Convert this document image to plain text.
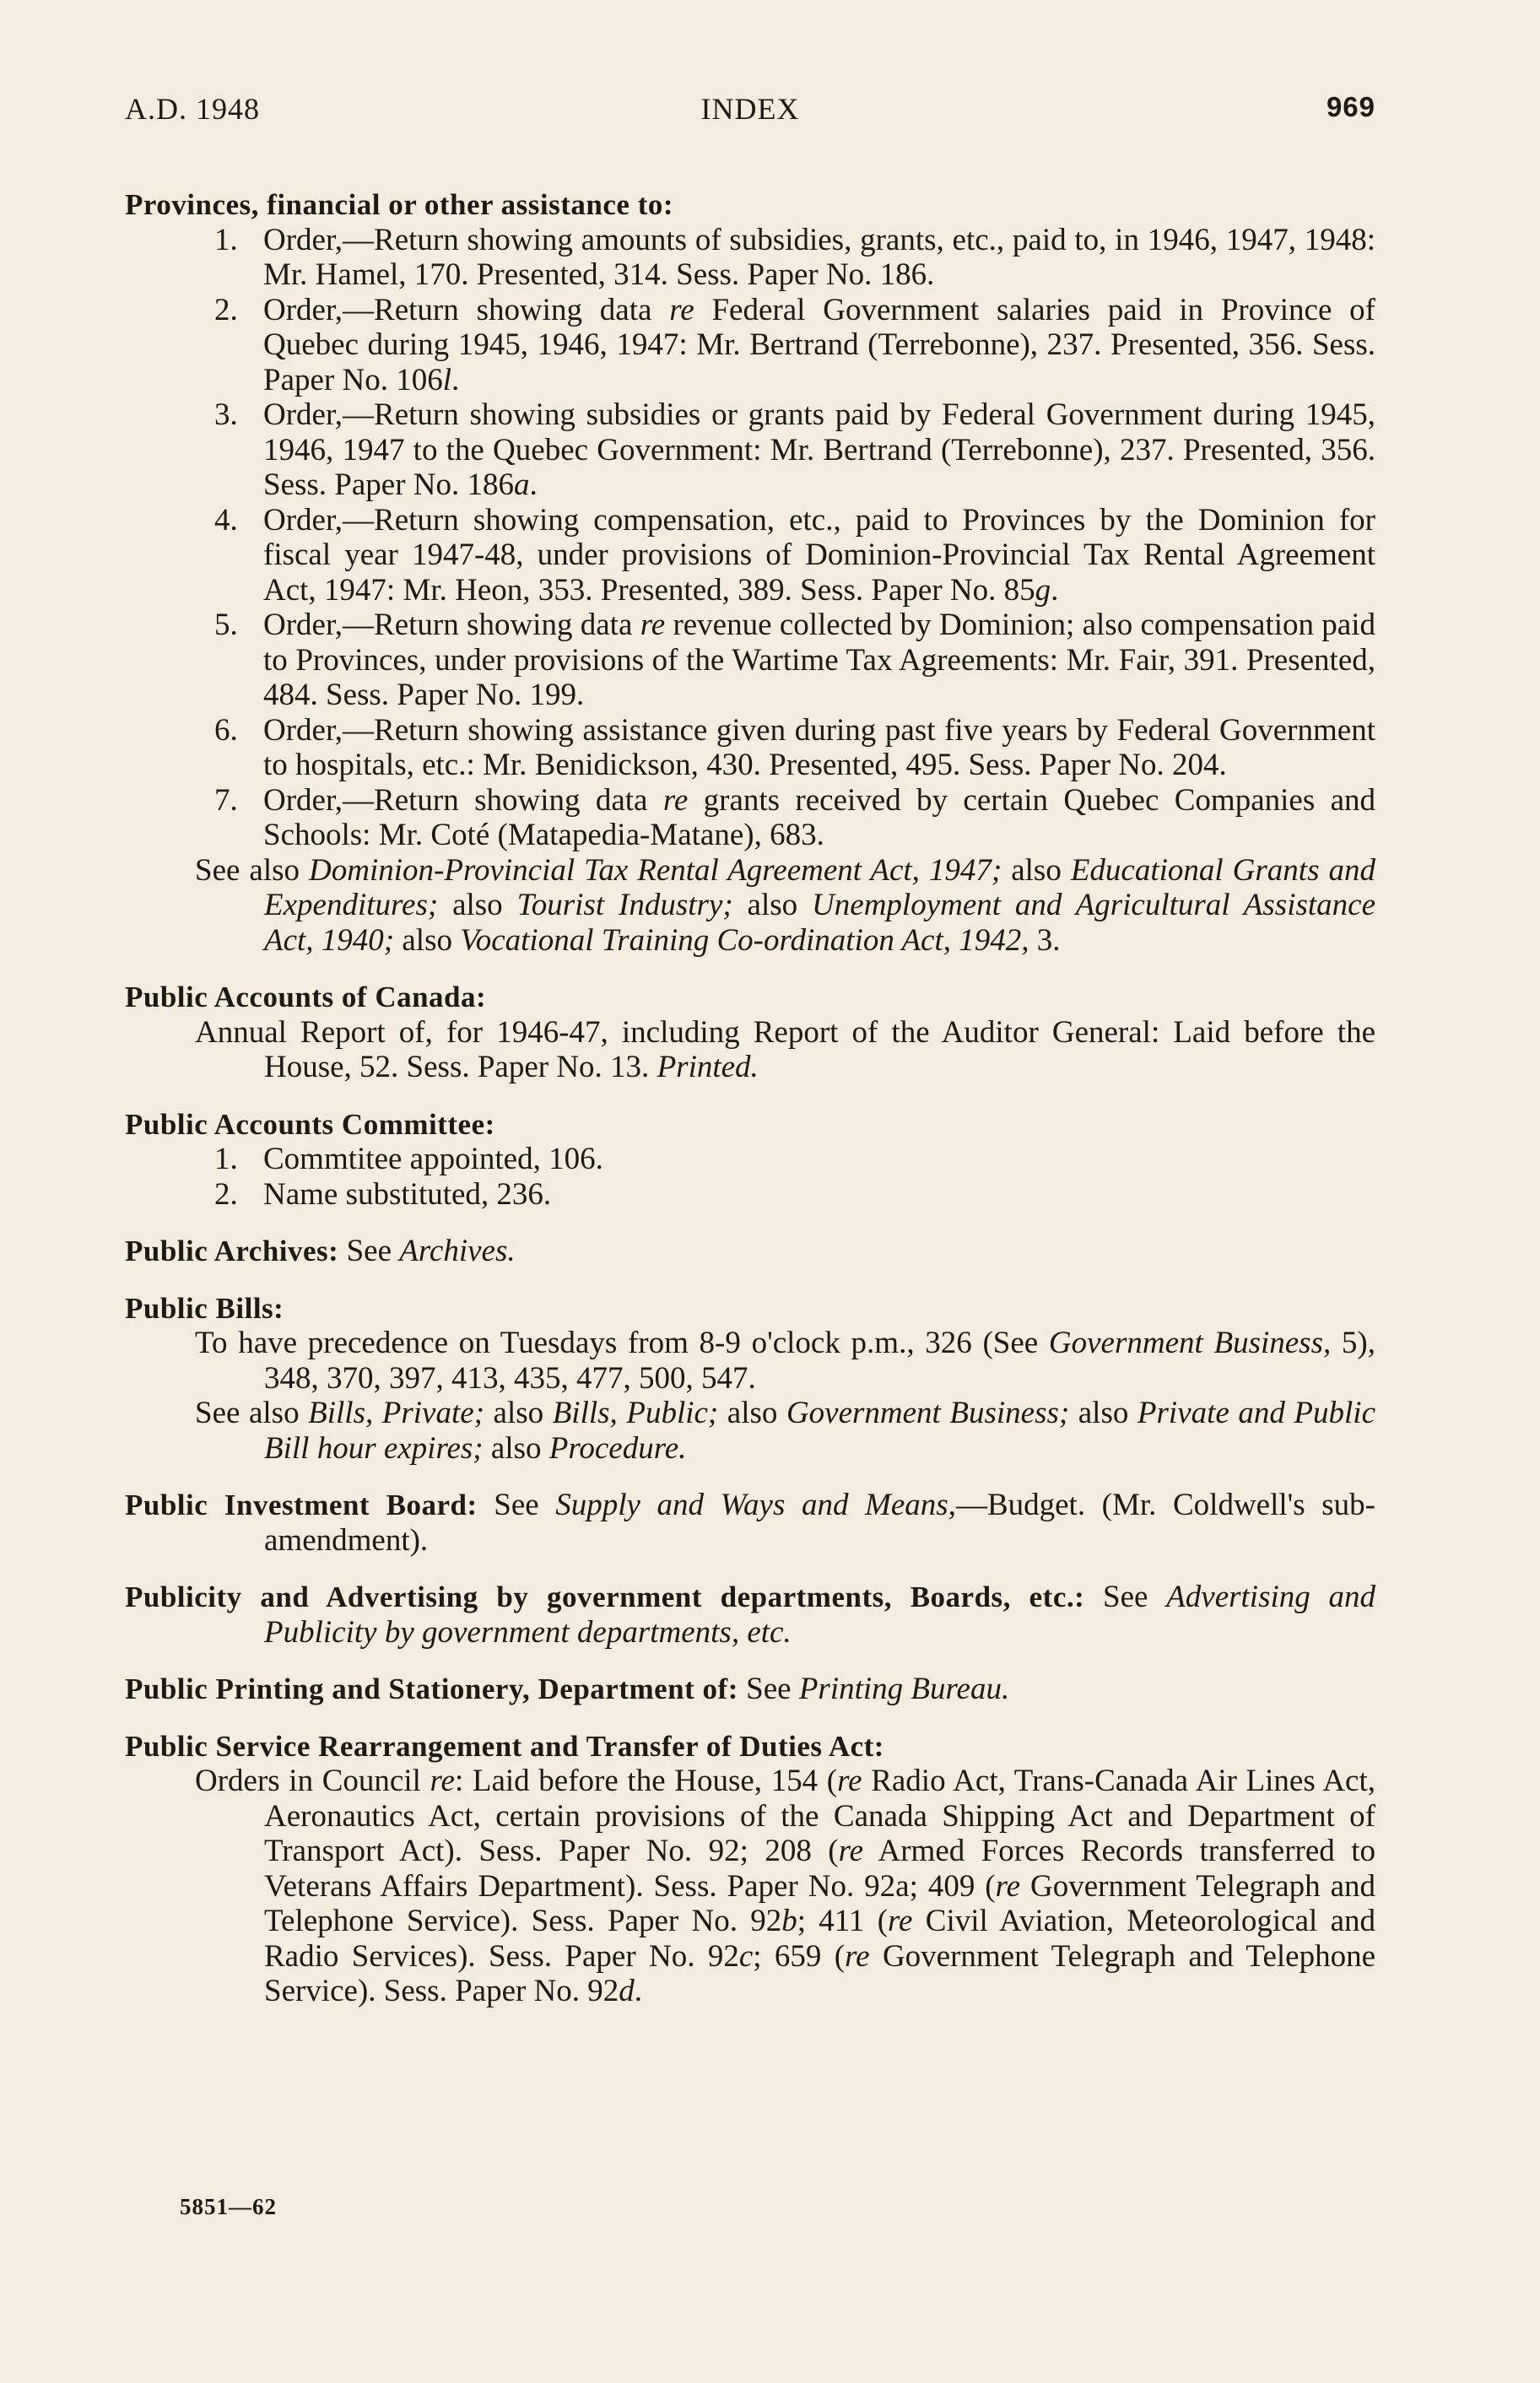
INDEX
A.D. 1948	969

Provinces, financial or other assistance to:

1. Order,—Return showing amounts of subsidies, grants, etc., paid to, in 1946, 1947, 1948: Mr. Hamel, 170. Presented, 314. Sess. Paper No. 186.

2. Order,—Return showing data re Federal Government salaries paid in Province of Quebec during 1945, 1946, 1947: Mr. Bertrand (Terrebonne), 237. Presented, 356. Sess. Paper No. 106l.

3. Order,—Return showing subsidies or grants paid by Federal Government during 1945, 1946, 1947 to the Quebec Government: Mr. Bertrand (Terrebonne), 237. Presented, 356. Sess. Paper No. 186a.

4. Order,—Return showing compensation, etc., paid to Provinces by the Dominion for fiscal year 1947-48, under provisions of Dominion-Provincial Tax Rental Agreement Act, 1947: Mr. Heon, 353. Presented, 389. Sess. Paper No. 85g.

5. Order,—Return showing data re revenue collected by Dominion; also compensation paid to Provinces, under provisions of the Wartime Tax Agreements: Mr. Fair, 391. Presented, 484. Sess. Paper No. 199.

6. Order,—Return showing assistance given during past five years by Federal Government to hospitals, etc.: Mr. Benidickson, 430. Presented, 495. Sess. Paper No. 204.

7. Order,—Return showing data re grants received by certain Quebec Companies and Schools: Mr. Coté (Matapedia-Matane), 683.

See also Dominion-Provincial Tax Rental Agreement Act, 1947; also Educational Grants and Expenditures; also Tourist Industry; also Unemployment and Agricultural Assistance Act, 1940; also Vocational Training Co-ordination Act, 1942, 3.

Public Accounts of Canada:

Annual Report of, for 1946-47, including Report of the Auditor General: Laid before the House, 52. Sess. Paper No. 13. Printed.

Public Accounts Committee:

1. Commtitee appointed, 106.

2. Name substituted, 236.

Public Archives: See Archives.

Public Bills:

To have precedence on Tuesdays from 8-9 o'clock p.m., 326 (See Government Business, 5), 348, 370, 397, 413, 435, 477, 500, 547.

See also Bills, Private; also Bills, Public; also Government Business; also Private and Public Bill hour expires; also Procedure.

Public Investment Board: See Supply and Ways and Means,—Budget. (Mr. Coldwell's sub-amendment).

Publicity and Advertising by government departments, Boards, etc.: See Advertising and Publicity by government departments, etc.

Public Printing and Stationery, Department of: See Printing Bureau.

Public Service Rearrangement and Transfer of Duties Act:

Orders in Council re: Laid before the House, 154 (re Radio Act, Trans-Canada Air Lines Act, Aeronautics Act, certain provisions of the Canada Shipping Act and Department of Transport Act). Sess. Paper No. 92; 208 (re Armed Forces Records transferred to Veterans Affairs Department). Sess. Paper No. 92a; 409 (re Government Telegraph and Telephone Service). Sess. Paper No. 92b; 411 (re Civil Aviation, Meteorological and Radio Services). Sess. Paper No. 92c; 659 (re Government Telegraph and Telephone Service). Sess. Paper No. 92d.

5851—62
